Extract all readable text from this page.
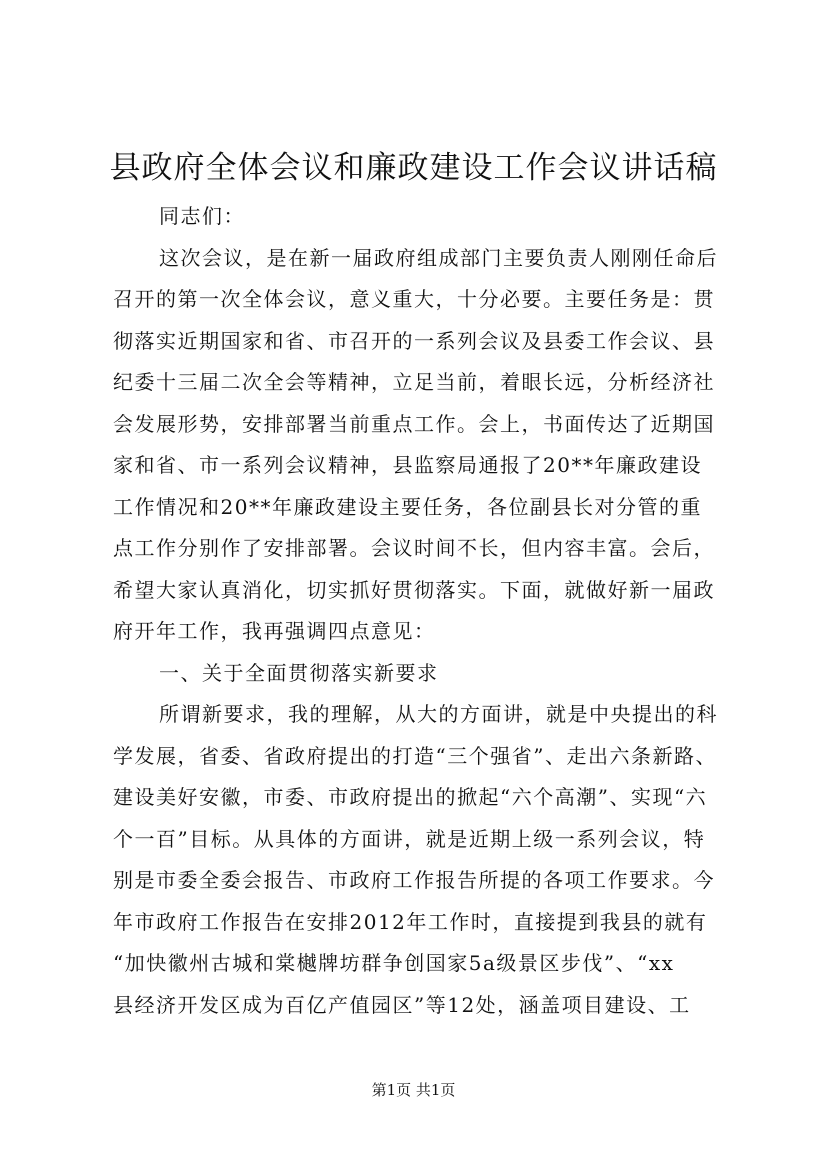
县政府全体会议和廉政建设工作会议讲话稿
同志们：
这次会议，是在新一届政府组成部门主要负责人刚刚任命后
召开的第一次全体会议，意义重大，十分必要。主要任务是：贯
彻落实近期国家和省、市召开的一系列会议及县委工作会议、县
纪委十三届二次全会等精神，立足当前，着眼长远，分析经济社
会发展形势，安排部署当前重点工作。会上，书面传达了近期国
家和省、市一系列会议精神，县监察局通报了20**年廉政建设
工作情况和20**年廉政建设主要任务，各位副县长对分管的重
点工作分别作了安排部署。会议时间不长，但内容丰富。会后，
希望大家认真消化，切实抓好贯彻落实。下面，就做好新一届政
府开年工作，我再强调四点意见：
一、关于全面贯彻落实新要求
所谓新要求，我的理解，从大的方面讲，就是中央提出的科
学发展，省委、省政府提出的打造“三个强省”、走出六条新路、
建设美好安徽，市委、市政府提出的掀起“六个高潮”、实现“六
个一百”目标。从具体的方面讲，就是近期上级一系列会议，特
别是市委全委会报告、市政府工作报告所提的各项工作要求。今
年市政府工作报告在安排2012年工作时，直接提到我县的就有
“加快徽州古城和棠樾牌坊群争创国家5a级景区步伐”、“xx
县经济开发区成为百亿产值园区”等12处，涵盖项目建设、工
第1页 共1页
